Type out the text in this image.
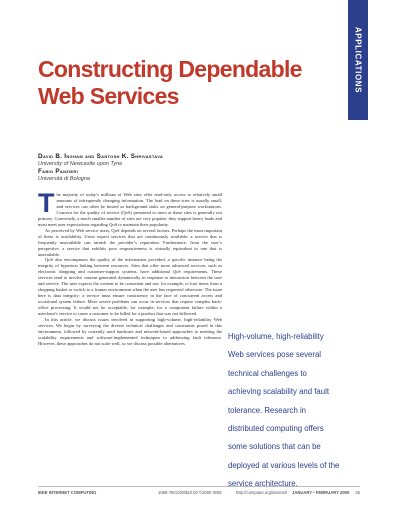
APPLICATIONS
Constructing Dependable
Web Services
David B. Ingham and Santosh K. Shrivastava
University of Newcastle upon Tyne
Fabio Panzieri
Università di Bologna

The majority of today’s millions of Web sites offer read-only access to relatively small amounts of infrequently changing information. The load on these sites is usually small, and services can often be hosted as background tasks on general-purpose workstations. Concern for the quality of service (QoS) presented to users at these sites is generally not primary. Conversely, a much smaller number of sites are very popular; they support heavy loads and must meet user expectations regarding QoS to maintain their popularity.

As perceived by Web service users, QoS depends on several factors. Perhaps the most important of these is availability. Users expect services that are continuously available; a service that is frequently unavailable can tarnish the provider’s reputation. Furthermore, from the user’s perspective, a service that exhibits poor responsiveness is virtually equivalent to one that is unavailable.

QoS also encompasses the quality of the information provided, a specific instance being the integrity of hypertext linking between resources. Sites that offer more advanced services, such as electronic shopping and customer-support systems, have additional QoS requirements. These services tend to involve content generated dynamically in response to interaction between the user and service. The user expects the content to be consistent and not, for example, to lose items from a shopping basket or switch to a frames environment when the user has requested otherwise. The issue here is data integrity: a service must ensure consistency in the face of concurrent access and occasional system failure. More severe problems can occur in services that require complex back-office processing. It would not be acceptable, for example, for a component failure within a merchant’s service to cause a customer to be billed for a product that was not delivered.

In this article, we discuss issues involved in supporting high-volume, high-reliability Web services. We begin by surveying the diverse technical challenges and constraints posed in this environment, followed by currently used hardware and network-based approaches to meeting the scalability requirements and software-implemented techniques to addressing fault tolerance. However, these approaches do not scale well, so we discuss possible alternatives.

High-volume, high-reliability
Web services pose several
technical challenges to
achieving scalability and fault
tolerance. Research in
distributed computing offers
some solutions that can be
deployed at various levels of the
service architecture.
IEEE INTERNET COMPUTING	1089-7801/00/$10.00 ©2000 IEEE	http://computer.org/internet/ JANUARY • FEBRUARY 2000 25
